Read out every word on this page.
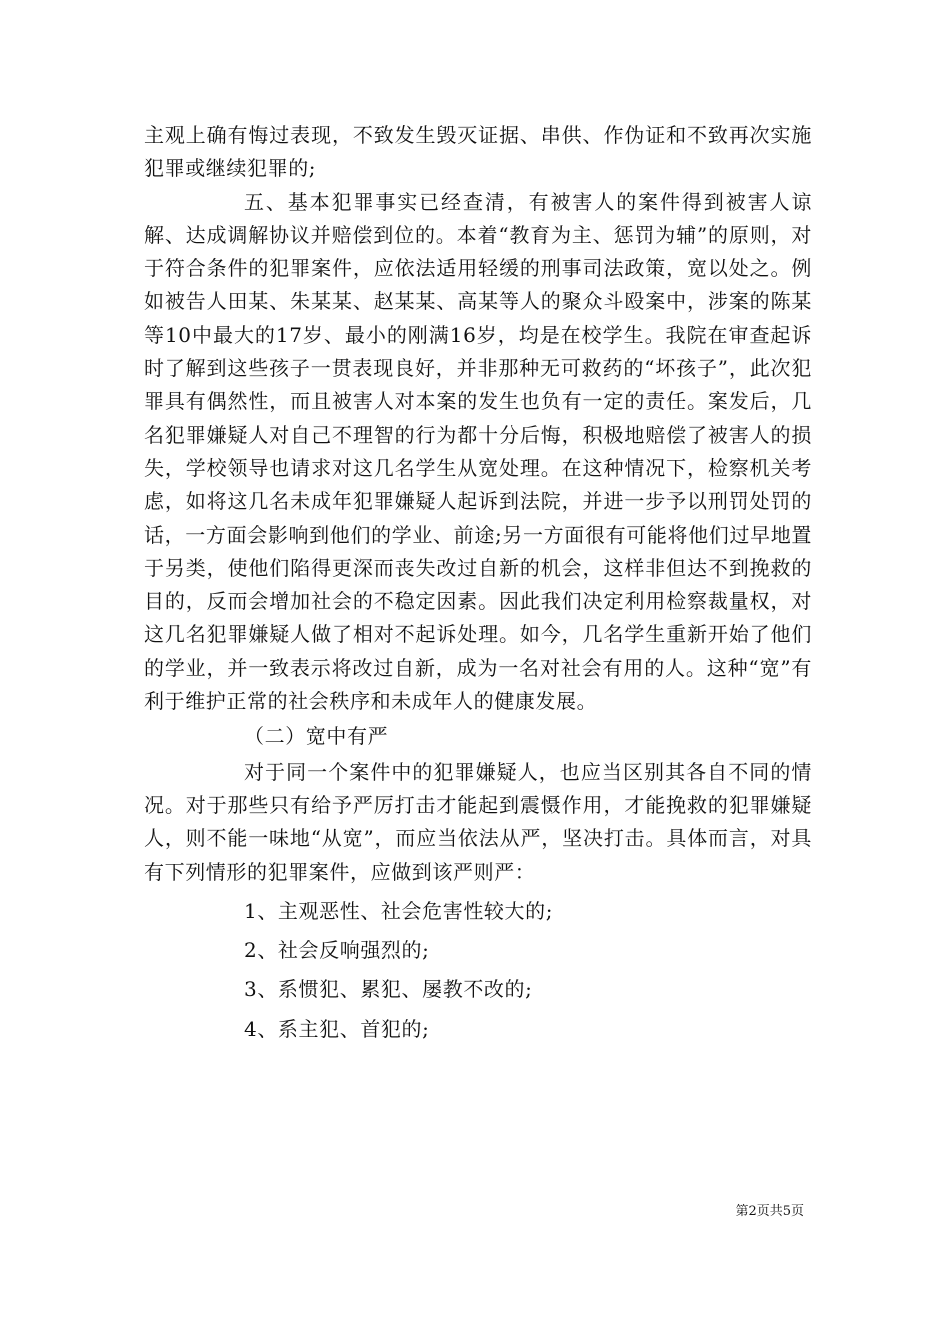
主观上确有悔过表现，不致发生毁灭证据、串供、作伪证和不致再次实施犯罪或继续犯罪的;

五、基本犯罪事实已经查清，有被害人的案件得到被害人谅解、达成调解协议并赔偿到位的。本着“教育为主、惩罚为辅”的原则，对于符合条件的犯罪案件，应依法适用轻缓的刑事司法政策，宽以处之。例如被告人田某、朱某某、赵某某、高某等人的聚众斗殴案中，涉案的陈某等10中最大的17岁、最小的刚满16岁，均是在校学生。我院在审查起诉时了解到这些孩子一贯表现良好，并非那种无可救药的“坏孩子”，此次犯罪具有偶然性，而且被害人对本案的发生也负有一定的责任。案发后，几名犯罪嫌疑人对自己不理智的行为都十分后悔，积极地赔偿了被害人的损失，学校领导也请求对这几名学生从宽处理。在这种情况下，检察机关考虑，如将这几名未成年犯罪嫌疑人起诉到法院，并进一步予以刑罚处罚的话，一方面会影响到他们的学业、前途;另一方面很有可能将他们过早地置于另类，使他们陷得更深而丧失改过自新的机会，这样非但达不到挽救的目的，反而会增加社会的不稳定因素。因此我们决定利用检察裁量权，对这几名犯罪嫌疑人做了相对不起诉处理。如今，几名学生重新开始了他们的学业，并一致表示将改过自新，成为一名对社会有用的人。这种“宽”有利于维护正常的社会秩序和未成年人的健康发展。

（二）宽中有严

对于同一个案件中的犯罪嫌疑人，也应当区别其各自不同的情况。对于那些只有给予严厉打击才能起到震慑作用，才能挽救的犯罪嫌疑人，则不能一味地“从宽”，而应当依法从严，坚决打击。具体而言，对具有下列情形的犯罪案件，应做到该严则严：

1、主观恶性、社会危害性较大的;

2、社会反响强烈的;

3、系惯犯、累犯、屡教不改的;

4、系主犯、首犯的;

第2页共5页
